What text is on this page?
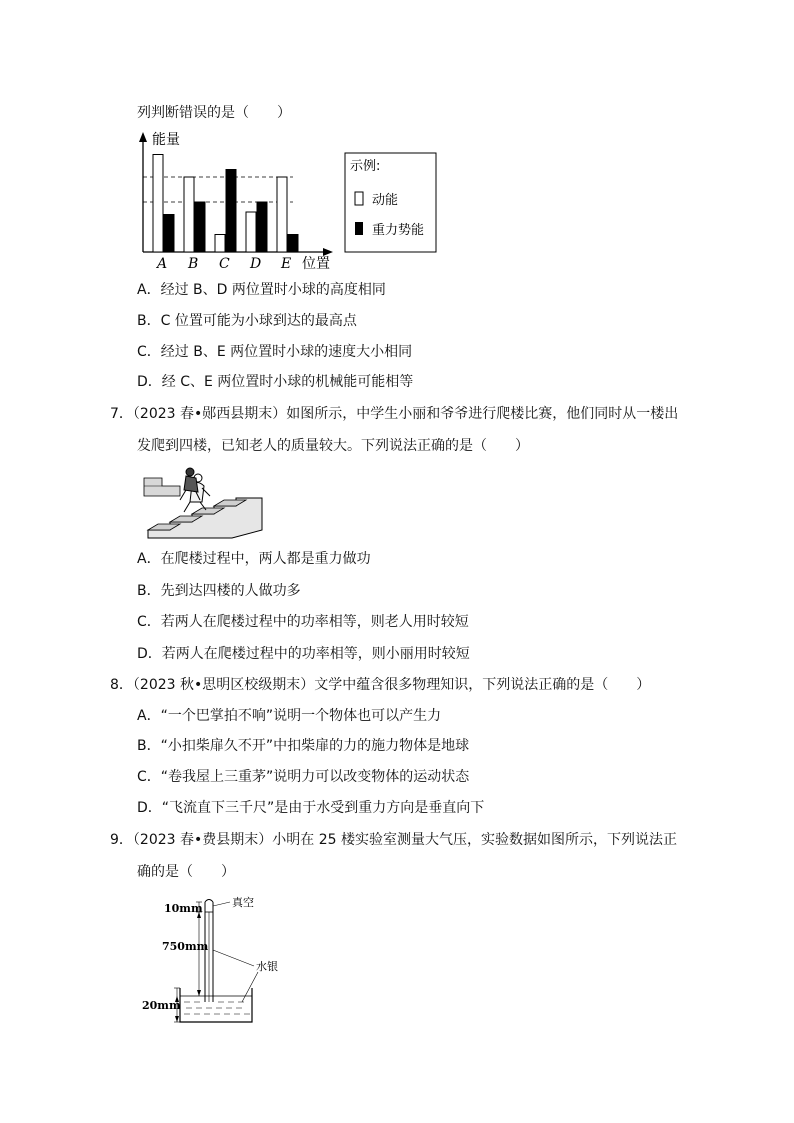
列判断错误的是（　　）
能量
位置
A B C D E
示例:
动能
重力势能
A．经过 B、D 两位置时小球的高度相同
B．C 位置可能为小球到达的最高点
C．经过 B、E 两位置时小球的速度大小相同
D．经 C、E 两位置时小球的机械能可能相等
7．（2023 春•郧西县期末）如图所示，中学生小丽和爷爷进行爬楼比赛，他们同时从一楼出
发爬到四楼，已知老人的质量较大。下列说法正确的是（　　）
A．在爬楼过程中，两人都是重力做功
B．先到达四楼的人做功多
C．若两人在爬楼过程中的功率相等，则老人用时较短
D．若两人在爬楼过程中的功率相等，则小丽用时较短
8．（2023 秋•思明区校级期末）文学中蕴含很多物理知识，下列说法正确的是（　　）
A．“一个巴掌拍不响”说明一个物体也可以产生力
B．“小扣柴扉久不开”中扣柴扉的力的施力物体是地球
C．“卷我屋上三重茅”说明力可以改变物体的运动状态
D．“飞流直下三千尺”是由于水受到重力方向是垂直向下
9．（2023 春•费县期末）小明在 25 楼实验室测量大气压，实验数据如图所示，下列说法正
确的是（　　）
10mm
750mm
20mm
真空
水银
